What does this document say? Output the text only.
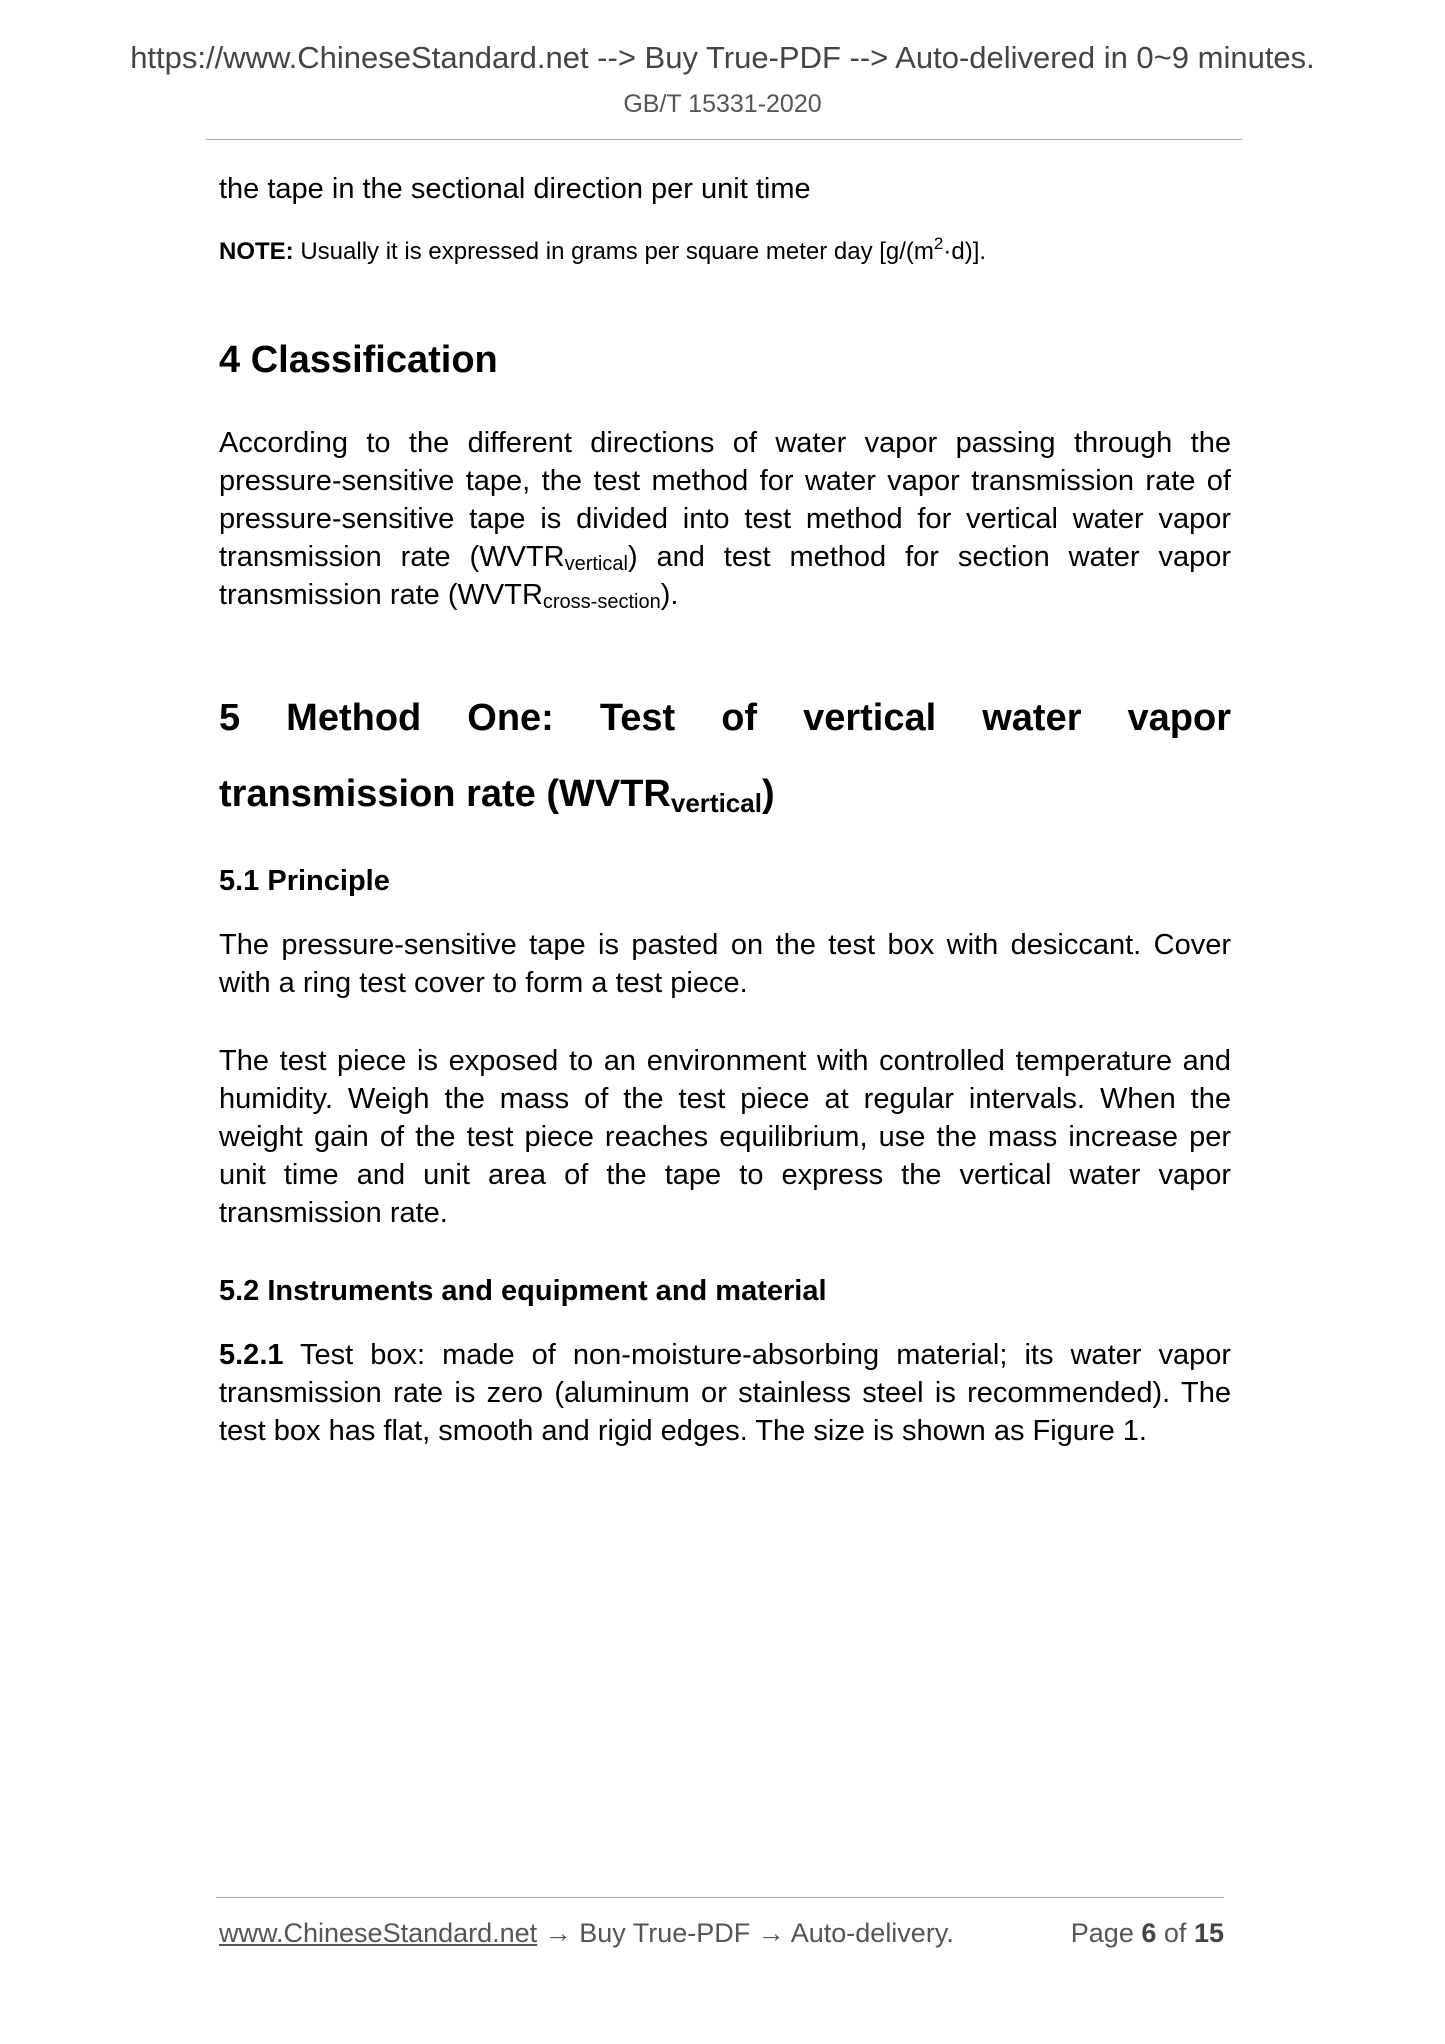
https://www.ChineseStandard.net --> Buy True-PDF --> Auto-delivered in 0~9 minutes.
GB/T 15331-2020

the tape in the sectional direction per unit time

NOTE: Usually it is expressed in grams per square meter day $[g/(m^2\cdot d)]$.

4 Classification

According to the different directions of water vapor passing through the pressure-sensitive tape, the test method for water vapor transmission rate of pressure-sensitive tape is divided into test method for vertical water vapor transmission rate $(WVTR_{vertical})$ and test method for section water vapor transmission rate $(WVTR_{cross-section})$.

5 Method One: Test of vertical water vapor
transmission rate (WVTRvertical)
5.1 Principle

The pressure-sensitive tape is pasted on the test box with desiccant. Cover with a ring test cover to form a test piece.

The test piece is exposed to an environment with controlled temperature and humidity. Weigh the mass of the test piece at regular intervals. When the weight gain of the test piece reaches equilibrium, use the mass increase per unit time and unit area of the tape to express the vertical water vapor transmission rate.

5.2 Instruments and equipment and material

5.2.1 Test box: made of non-moisture-absorbing material; its water vapor transmission rate is zero (aluminum or stainless steel is recommended). The test box has flat, smooth and rigid edges. The size is shown as Figure 1.

www.ChineseStandard.net → Buy True-PDF → Auto-delivery.	Page 6 of 15
